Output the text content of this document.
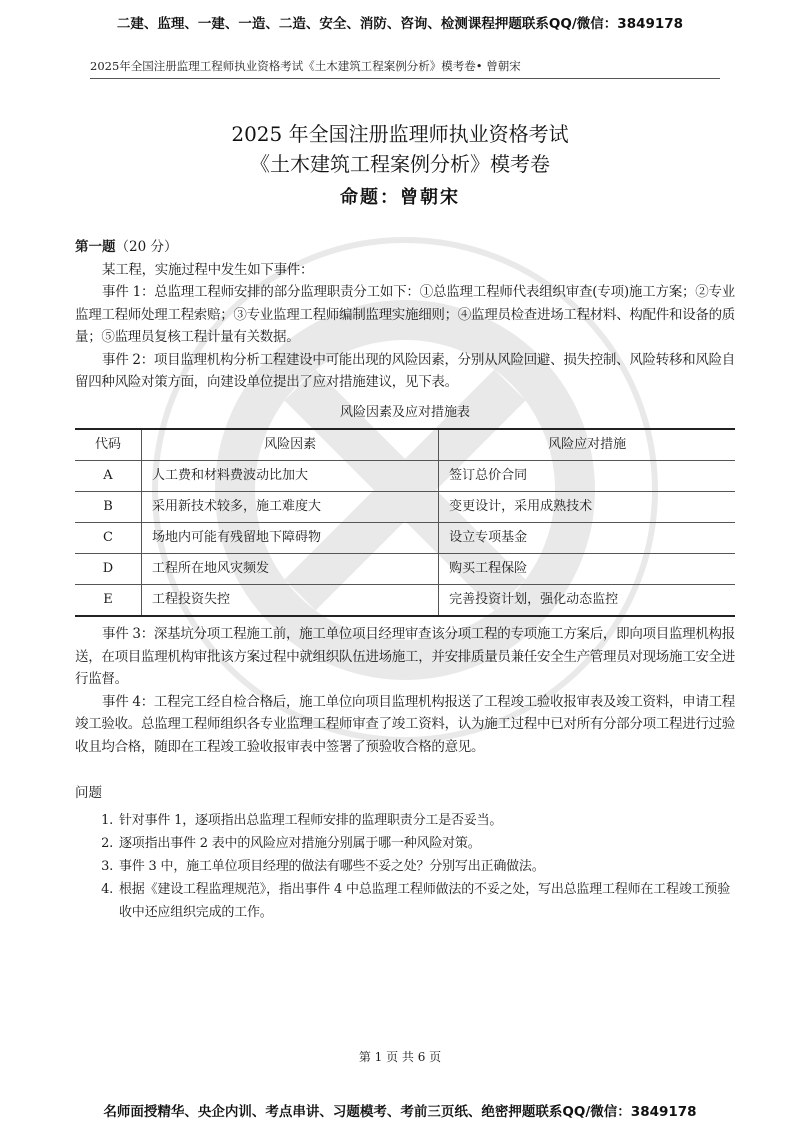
二建、监理、一建、一造、二造、安全、消防、咨询、检测课程押题联系QQ/微信：3849178
2025年全国注册监理工程师执业资格考试《土木建筑工程案例分析》模考卷• 曾朝宋
2025 年全国注册监理师执业资格考试
《土木建筑工程案例分析》模考卷
命题：曾朝宋
第一题（20 分）

某工程，实施过程中发生如下事件：

事件 1：总监理工程师安排的部分监理职责分工如下：①总监理工程师代表组织审查(专项)施工方案；②专业监理工程师处理工程索赔；③专业监理工程师编制监理实施细则；④监理员检查进场工程材料、构配件和设备的质量；⑤监理员复核工程计量有关数据。

事件 2：项目监理机构分析工程建设中可能出现的风险因素，分别从风险回避、损失控制、风险转移和风险自留四种风险对策方面，向建设单位提出了应对措施建议，见下表。

风险因素及应对措施表
代码	风险因素	风险应对措施
A	人工费和材料费波动比加大	签订总价合同
B	采用新技术较多，施工难度大	变更设计，采用成熟技术
C	场地内可能有残留地下障碍物	设立专项基金
D	工程所在地风灾频发	购买工程保险
E	工程投资失控	完善投资计划，强化动态监控

事件 3：深基坑分项工程施工前，施工单位项目经理审查该分项工程的专项施工方案后，即向项目监理机构报送，在项目监理机构审批该方案过程中就组织队伍进场施工，并安排质量员兼任安全生产管理员对现场施工安全进行监督。

事件 4：工程完工经自检合格后，施工单位向项目监理机构报送了工程竣工验收报审表及竣工资料，申请工程竣工验收。总监理工程师组织各专业监理工程师审查了竣工资料，认为施工过程中已对所有分部分项工程进行过验收且均合格，随即在工程竣工验收报审表中签署了预验收合格的意见。

问题
1. 针对事件 1，逐项指出总监理工程师安排的监理职责分工是否妥当。
2. 逐项指出事件 2 表中的风险应对措施分别属于哪一种风险对策。
3. 事件 3 中，施工单位项目经理的做法有哪些不妥之处？分别写出正确做法。
4. 根据《建设工程监理规范》，指出事件 4 中总监理工程师做法的不妥之处，写出总监理工程师在工程竣工预验收中还应组织完成的工作。
第 1 页 共 6 页
名师面授精华、央企内训、考点串讲、习题模考、考前三页纸、绝密押题联系QQ/微信：3849178
